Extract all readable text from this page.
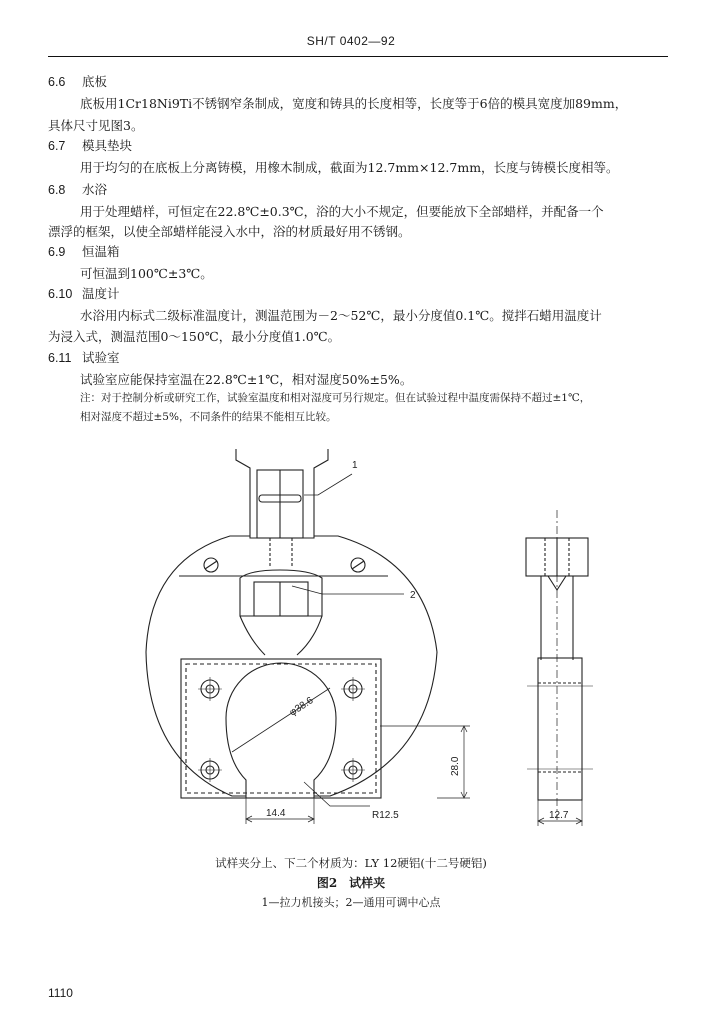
SH/T 0402—92
6.6 底板
底板用1Cr18Ni9Ti不锈钢窄条制成，宽度和铸具的长度相等，长度等于6倍的模具宽度加89mm，
具体尺寸见图3。
6.7 模具垫块
用于均匀的在底板上分离铸模，用橡木制成，截面为12.7mm×12.7mm，长度与铸模长度相等。
6.8 水浴
用于处理蜡样，可恒定在22.8℃±0.3℃，浴的大小不规定，但要能放下全部蜡样，并配备一个
漂浮的框架，以使全部蜡样能浸入水中，浴的材质最好用不锈钢。
6.9 恒温箱
可恒温到100℃±3℃。
6.10 温度计
水浴用内标式二级标准温度计，测温范围为－2～52℃，最小分度值0.1℃。搅拌石蜡用温度计
为浸入式，测温范围0～150℃，最小分度值1.0℃。
6.11 试验室
试验室应能保持室温在22.8℃±1℃，相对湿度50%±5%。
注：对于控制分析或研究工作，试验室温度和相对湿度可另行规定。但在试验过程中温度需保持不超过±1℃，
相对湿度不超过±5%，不同条件的结果不能相互比较。
1
2
φ38.6
28.0
14.4	R12.5	12.7
试样夹分上、下二个材质为：LY 12硬铝(十二号硬铝)
图2　试样夹
1—拉力机接头；2—通用可调中心点
1110
